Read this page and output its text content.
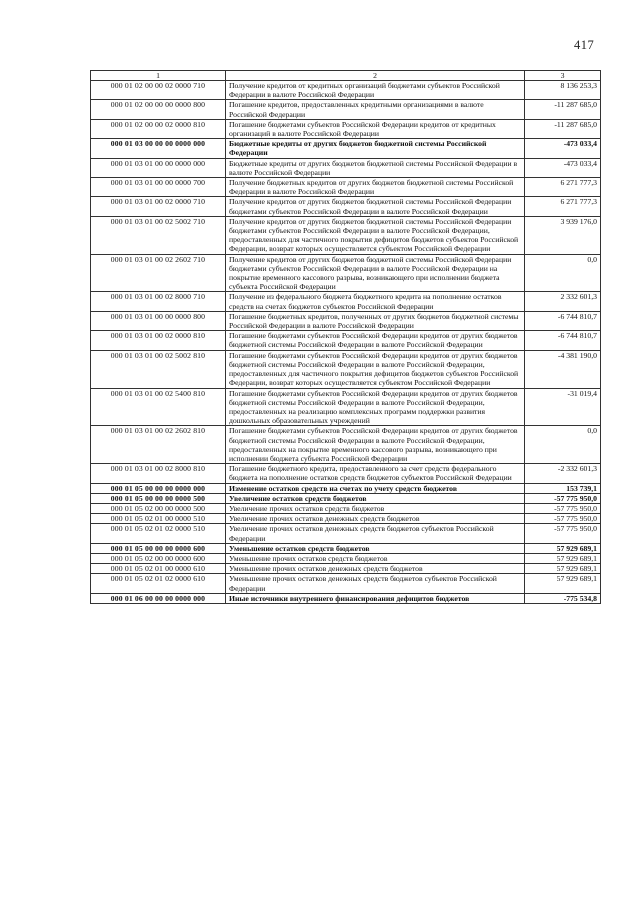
417
1	2	3
000 01 02 00 00 02 0000 710	Получение кредитов от кредитных организаций бюджетами субъектов Российской Федерации в валюте Российской Федерации	8 136 253,3
000 01 02 00 00 00 0000 800	Погашение кредитов, предоставленных кредитными организациями в валюте Российской Федерации	-11 287 685,0
000 01 02 00 00 02 0000 810	Погашение бюджетами субъектов Российской Федерации кредитов от кредитных организаций в валюте Российской Федерации	-11 287 685,0
000 01 03 00 00 00 0000 000	Бюджетные кредиты от других бюджетов бюджетной системы Российской Федерации	-473 033,4
000 01 03 01 00 00 0000 000	Бюджетные кредиты от других бюджетов бюджетной системы Российской Федерации в валюте Российской Федерации	-473 033,4
000 01 03 01 00 00 0000 700	Получение бюджетных кредитов от других бюджетов бюджетной системы Российской Федерации в валюте Российской Федерации	6 271 777,3
000 01 03 01 00 02 0000 710	Получение кредитов от других бюджетов бюджетной системы Российской Федерации бюджетами субъектов Российской Федерации в валюте Российской Федерации	6 271 777,3
000 01 03 01 00 02 5002 710	Получение кредитов от других бюджетов бюджетной системы Российской Федерации бюджетами субъектов Российской Федерации в валюте Российской Федерации, предоставленных для частичного покрытия дефицитов бюджетов субъектов Российской Федерации, возврат которых осуществляется субъектом Российской Федерации	3 939 176,0
000 01 03 01 00 02 2602 710	Получение кредитов от других бюджетов бюджетной системы Российской Федерации бюджетами субъектов Российской Федерации в валюте Российской Федерации на покрытие временного кассового разрыва, возникающего при исполнении бюджета субъекта Российской Федерации	0,0
000 01 03 01 00 02 8000 710	Получение из федерального бюджета бюджетного кредита на пополнение остатков средств на счетах бюджетов субъектов Российской Федерации	2 332 601,3
000 01 03 01 00 00 0000 800	Погашение бюджетных кредитов, полученных от других бюджетов бюджетной системы Российской Федерации в валюте Российской Федерации	-6 744 810,7
000 01 03 01 00 02 0000 810	Погашение бюджетами субъектов Российской Федерации кредитов от других бюджетов бюджетной системы Российской Федерации в валюте Российской Федерации	-6 744 810,7
000 01 03 01 00 02 5002 810	Погашение бюджетами субъектов Российской Федерации кредитов от других бюджетов бюджетной системы Российской Федерации в валюте Российской Федерации, предоставленных для частичного покрытия дефицитов бюджетов субъектов Российской Федерации, возврат которых осуществляется субъектом Российской Федерации	-4 381 190,0
000 01 03 01 00 02 5400 810	Погашение бюджетами субъектов Российской Федерации кредитов от других бюджетов бюджетной системы Российской Федерации в валюте Российской Федерации, предоставленных на реализацию комплексных программ поддержки развития дошкольных образовательных учреждений	-31 019,4
000 01 03 01 00 02 2602 810	Погашение бюджетами субъектов Российской Федерации кредитов от других бюджетов бюджетной системы Российской Федерации в валюте Российской Федерации, предоставленных на покрытие временного кассового разрыва, возникающего при исполнении бюджета субъекта Российской Федерации	0,0
000 01 03 01 00 02 8000 810	Погашение бюджетного кредита, предоставленного за счет средств федерального бюджета на пополнение остатков средств бюджетов субъектов Российской Федерации	-2 332 601,3
000 01 05 00 00 00 0000 000	Изменение остатков средств на счетах по учету средств бюджетов	153 739,1
000 01 05 00 00 00 0000 500	Увеличение остатков средств бюджетов	-57 775 950,0
000 01 05 02 00 00 0000 500	Увеличение прочих остатков средств бюджетов	-57 775 950,0
000 01 05 02 01 00 0000 510	Увеличение прочих остатков денежных средств бюджетов	-57 775 950,0
000 01 05 02 01 02 0000 510	Увеличение прочих остатков денежных средств бюджетов субъектов Российской Федерации	-57 775 950,0
000 01 05 00 00 00 0000 600	Уменьшение остатков средств бюджетов	57 929 689,1
000 01 05 02 00 00 0000 600	Уменьшение прочих остатков средств бюджетов	57 929 689,1
000 01 05 02 01 00 0000 610	Уменьшение прочих остатков денежных средств бюджетов	57 929 689,1
000 01 05 02 01 02 0000 610	Уменьшение прочих остатков денежных средств бюджетов субъектов Российской Федерации	57 929 689,1
000 01 06 00 00 00 0000 000	Иные источники внутреннего финансирования дефицитов бюджетов	-775 534,8
